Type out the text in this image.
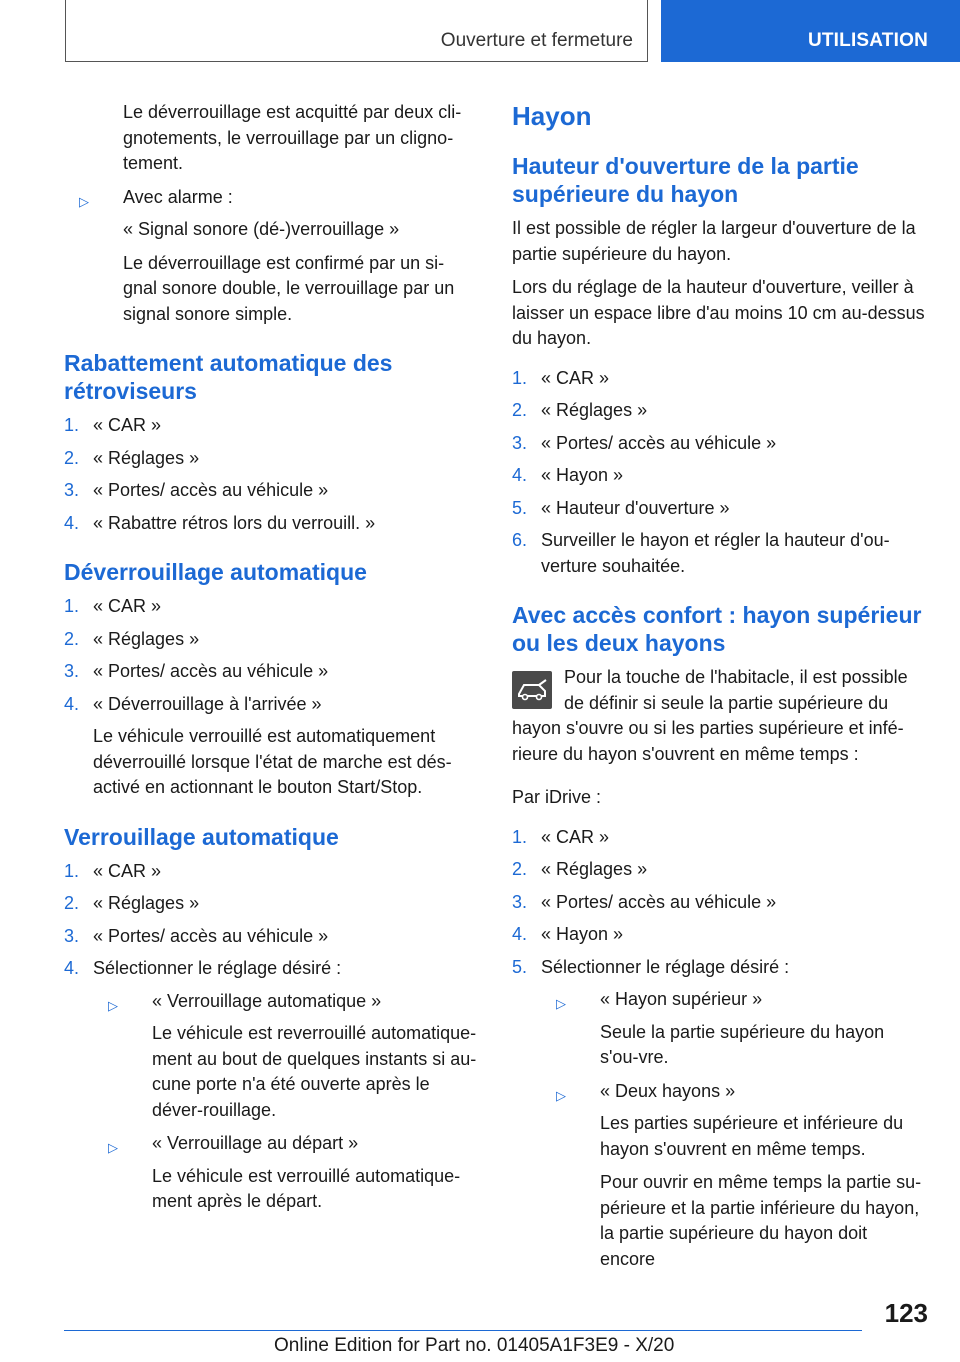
Ouverture et fermeture	UTILISATION

Le déverrouillage est acquitté par deux cli-gnotements, le verrouillage par un cligno-tement.

▷ Avec alarme :

« Signal sonore (dé-)verrouillage »

Le déverrouillage est confirmé par un si-gnal sonore double, le verrouillage par un signal sonore simple.

Rabattement automatique des rétroviseurs
1. « CAR »
2. « Réglages »
3. « Portes/ accès au véhicule »
4. « Rabattre rétros lors du verrouill. »
Déverrouillage automatique
1. « CAR »
2. « Réglages »
3. « Portes/ accès au véhicule »
4. « Déverrouillage à l'arrivée »

Le véhicule verrouillé est automatiquement déverrouillé lorsque l'état de marche est dés-activé en actionnant le bouton Start/Stop.

Verrouillage automatique
1. « CAR »
2. « Réglages »
3. « Portes/ accès au véhicule »
4. Sélectionner le réglage désiré :
▷ « Verrouillage automatique »

Le véhicule est reverrouillé automatique-ment au bout de quelques instants si au-cune porte n'a été ouverte après le déver-rouillage.

▷ « Verrouillage au départ »

Le véhicule est verrouillé automatique-ment après le départ.

Hayon
Hauteur d'ouverture de la partie supérieure du hayon

Il est possible de régler la largeur d'ouverture de la partie supérieure du hayon.

Lors du réglage de la hauteur d'ouverture, veiller à laisser un espace libre d'au moins 10 cm au-dessus du hayon.

1. « CAR »
2. « Réglages »
3. « Portes/ accès au véhicule »
4. « Hayon »
5. « Hauteur d'ouverture »
6. Surveiller le hayon et régler la hauteur d'ou-verture souhaitée.
Avec accès confort : hayon supérieur ou les deux hayons
Pour la touche de l'habitacle, il est possible de définir si seule la partie supérieure du
hayon s'ouvre ou si les parties supérieure et infé-rieure du hayon s'ouvrent en même temps :

Par iDrive :

1. « CAR »
2. « Réglages »
3. « Portes/ accès au véhicule »
4. « Hayon »
5. Sélectionner le réglage désiré :
▷ « Hayon supérieur »

Seule la partie supérieure du hayon s'ou-vre.

▷ « Deux hayons »

Les parties supérieure et inférieure du hayon s'ouvrent en même temps.

Pour ouvrir en même temps la partie su-périeure et la partie inférieure du hayon, la partie supérieure du hayon doit encore

123
Online Edition for Part no. 01405A1F3E9 - X/20
